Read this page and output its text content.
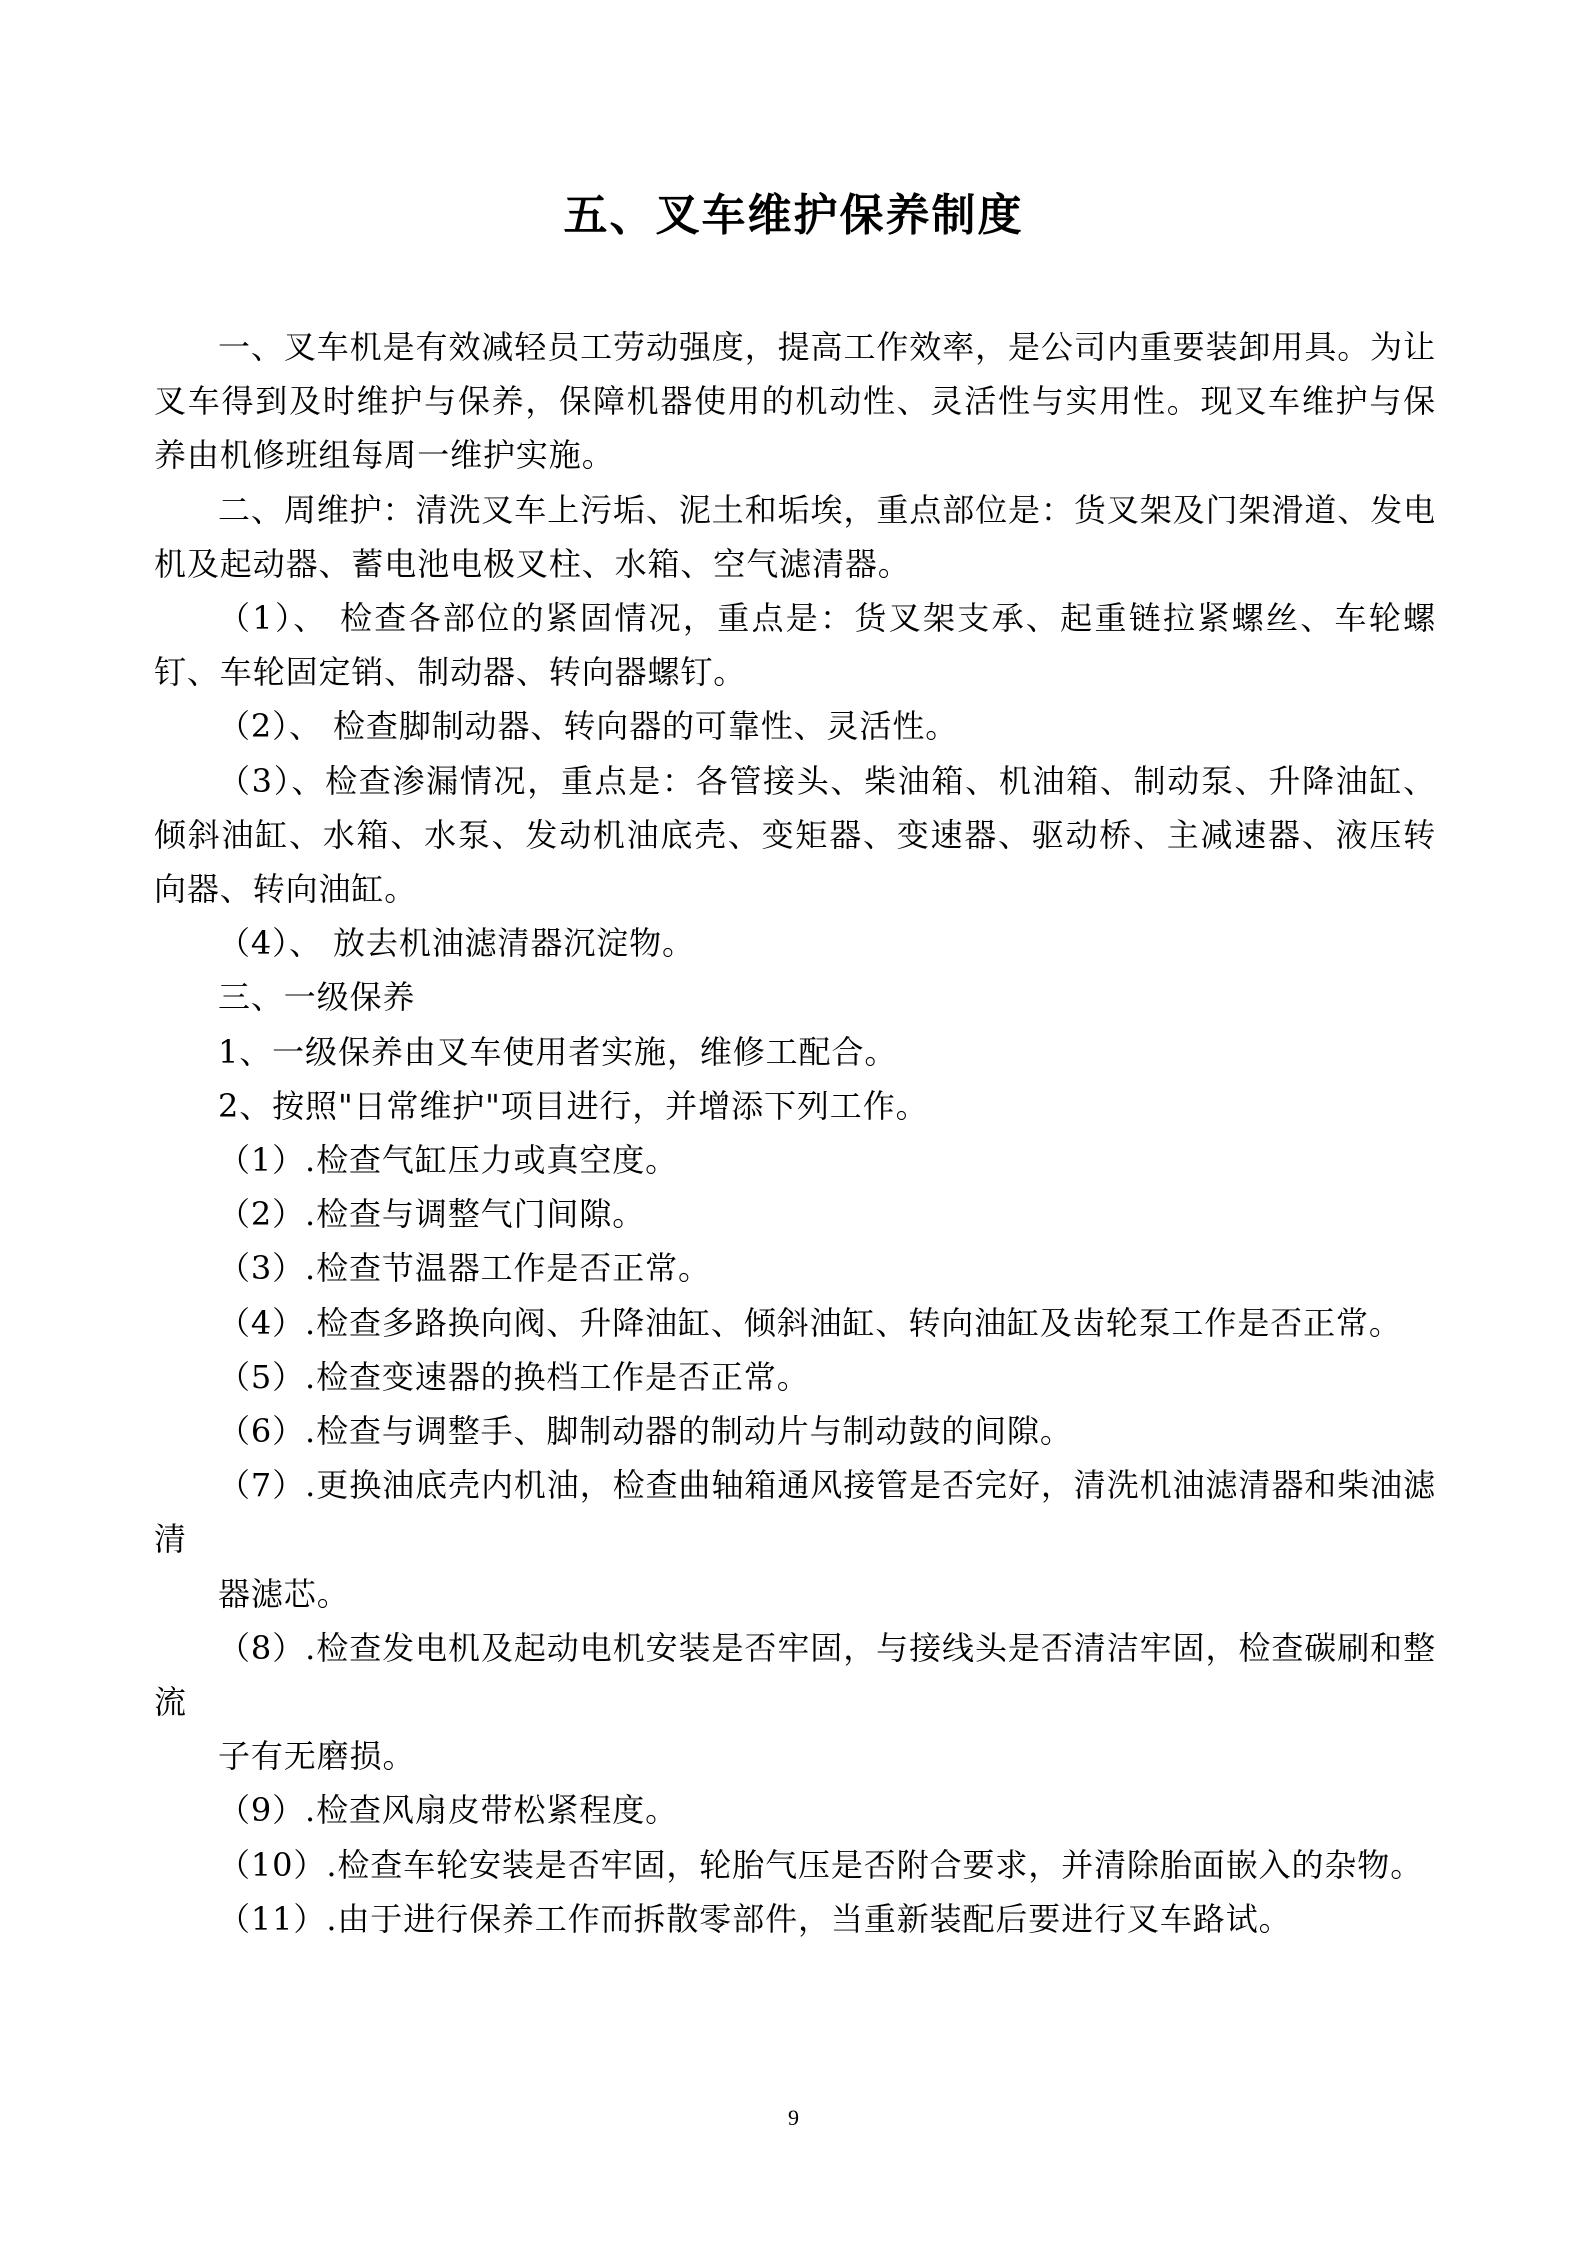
五、叉车维护保养制度

一、叉车机是有效减轻员工劳动强度，提高工作效率，是公司内重要装卸用具。为让叉车得到及时维护与保养，保障机器使用的机动性、灵活性与实用性。现叉车维护与保养由机修班组每周一维护实施。

二、周维护：清洗叉车上污垢、泥土和垢埃，重点部位是：货叉架及门架滑道、发电机及起动器、蓄电池电极叉柱、水箱、空气滤清器。

（1）、 检查各部位的紧固情况，重点是：货叉架支承、起重链拉紧螺丝、车轮螺钉、车轮固定销、制动器、转向器螺钉。

（2）、 检查脚制动器、转向器的可靠性、灵活性。

（3）、检查渗漏情况，重点是：各管接头、柴油箱、机油箱、制动泵、升降油缸、倾斜油缸、水箱、水泵、发动机油底壳、变矩器、变速器、驱动桥、主减速器、液压转向器、转向油缸。

（4）、 放去机油滤清器沉淀物。

三、一级保养

1、一级保养由叉车使用者实施，维修工配合。

2、按照"日常维护"项目进行，并增添下列工作。

（1）.检查气缸压力或真空度。

（2）.检查与调整气门间隙。

（3）.检查节温器工作是否正常。

（4）.检查多路换向阀、升降油缸、倾斜油缸、转向油缸及齿轮泵工作是否正常。

（5）.检查变速器的换档工作是否正常。

（6）.检查与调整手、脚制动器的制动片与制动鼓的间隙。

（7）.更换油底壳内机油，检查曲轴箱通风接管是否完好，清洗机油滤清器和柴油滤清

器滤芯。

（8）.检查发电机及起动电机安装是否牢固，与接线头是否清洁牢固，检查碳刷和整流

子有无磨损。

（9）.检查风扇皮带松紧程度。

（10）.检查车轮安装是否牢固，轮胎气压是否附合要求，并清除胎面嵌入的杂物。

（11）.由于进行保养工作而拆散零部件，当重新装配后要进行叉车路试。

9
